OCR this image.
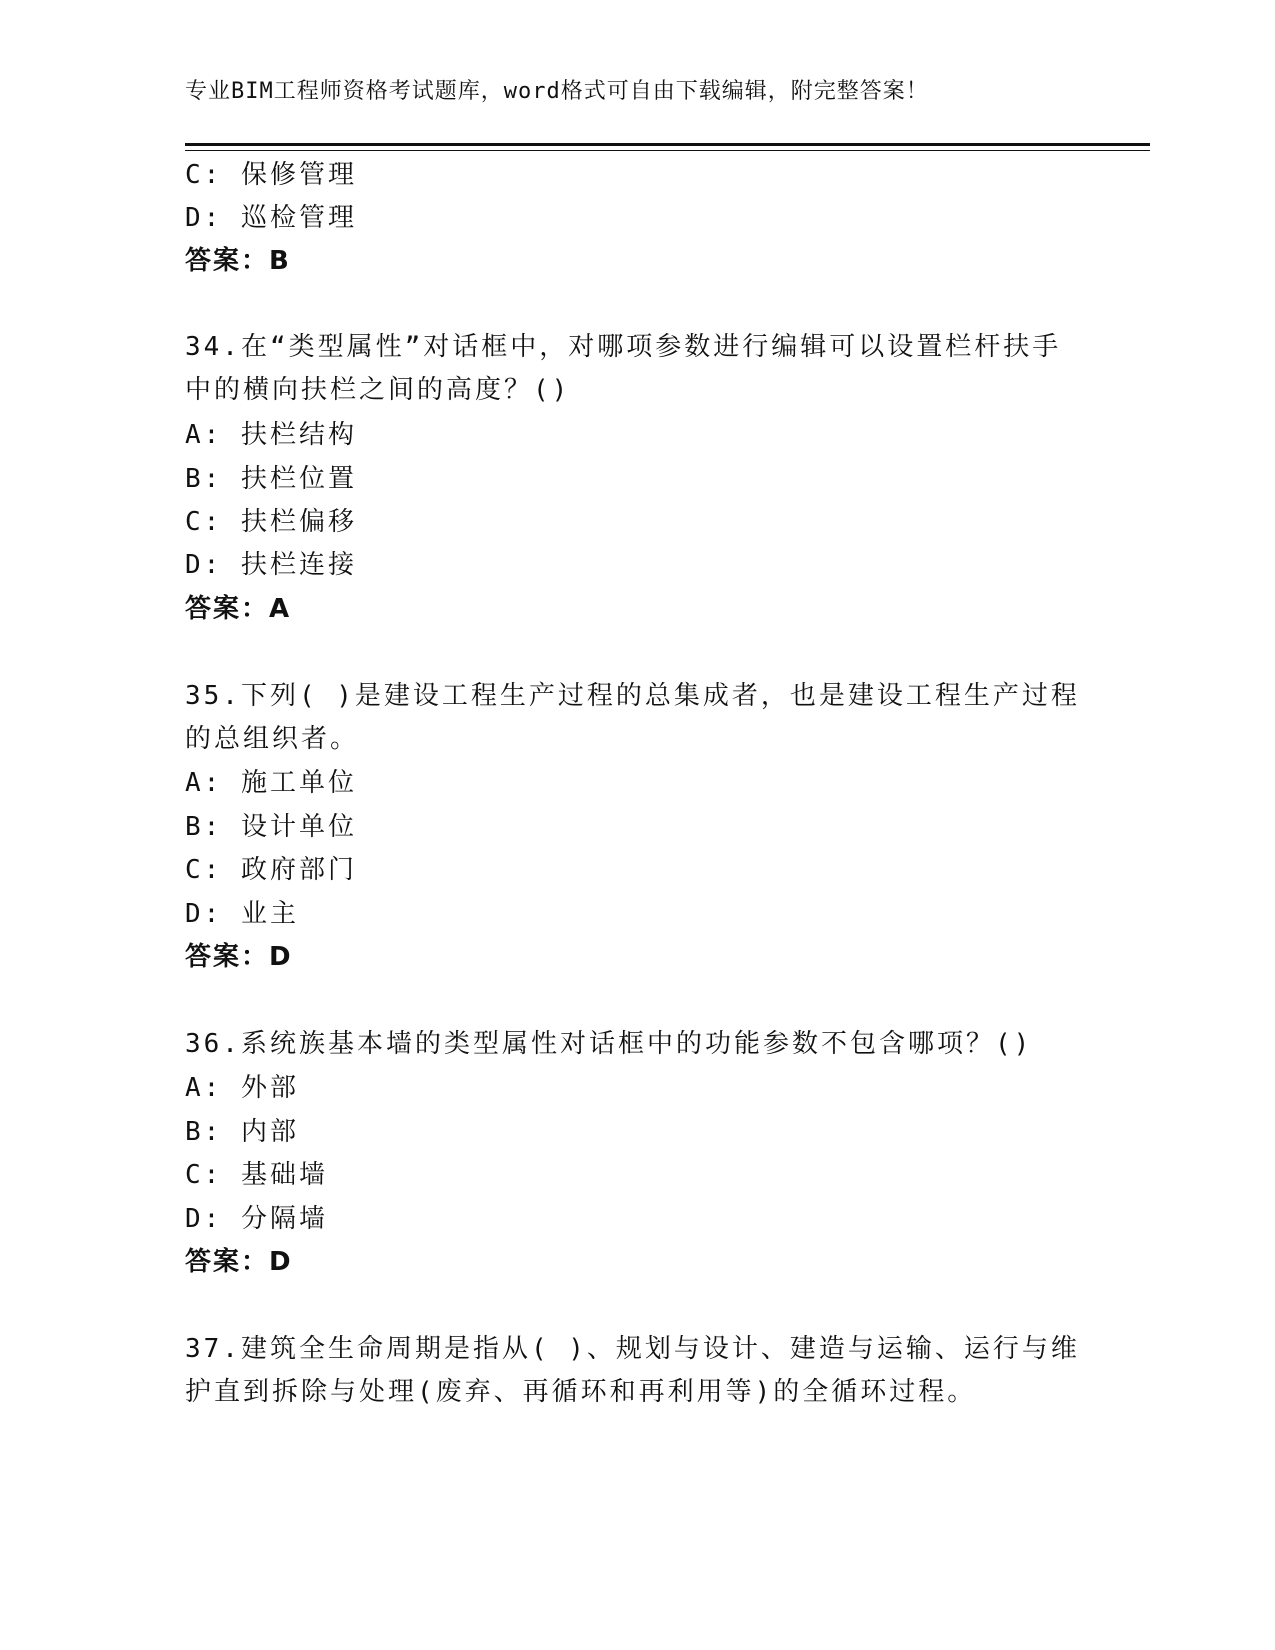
专业BIM工程师资格考试题库，word格式可自由下载编辑，附完整答案！
C: 保修管理
D: 巡检管理
答案：B
34.在“类型属性”对话框中，对哪项参数进行编辑可以设置栏杆扶手
中的横向扶栏之间的高度？()
A: 扶栏结构
B: 扶栏位置
C: 扶栏偏移
D: 扶栏连接
答案：A
35.下列( )是建设工程生产过程的总集成者，也是建设工程生产过程
的总组织者。
A: 施工单位
B: 设计单位
C: 政府部门
D: 业主
答案：D
36.系统族基本墙的类型属性对话框中的功能参数不包含哪项？()
A: 外部
B: 内部
C: 基础墙
D: 分隔墙
答案：D
37.建筑全生命周期是指从( )、规划与设计、建造与运输、运行与维
护直到拆除与处理(废弃、再循环和再利用等)的全循环过程。
